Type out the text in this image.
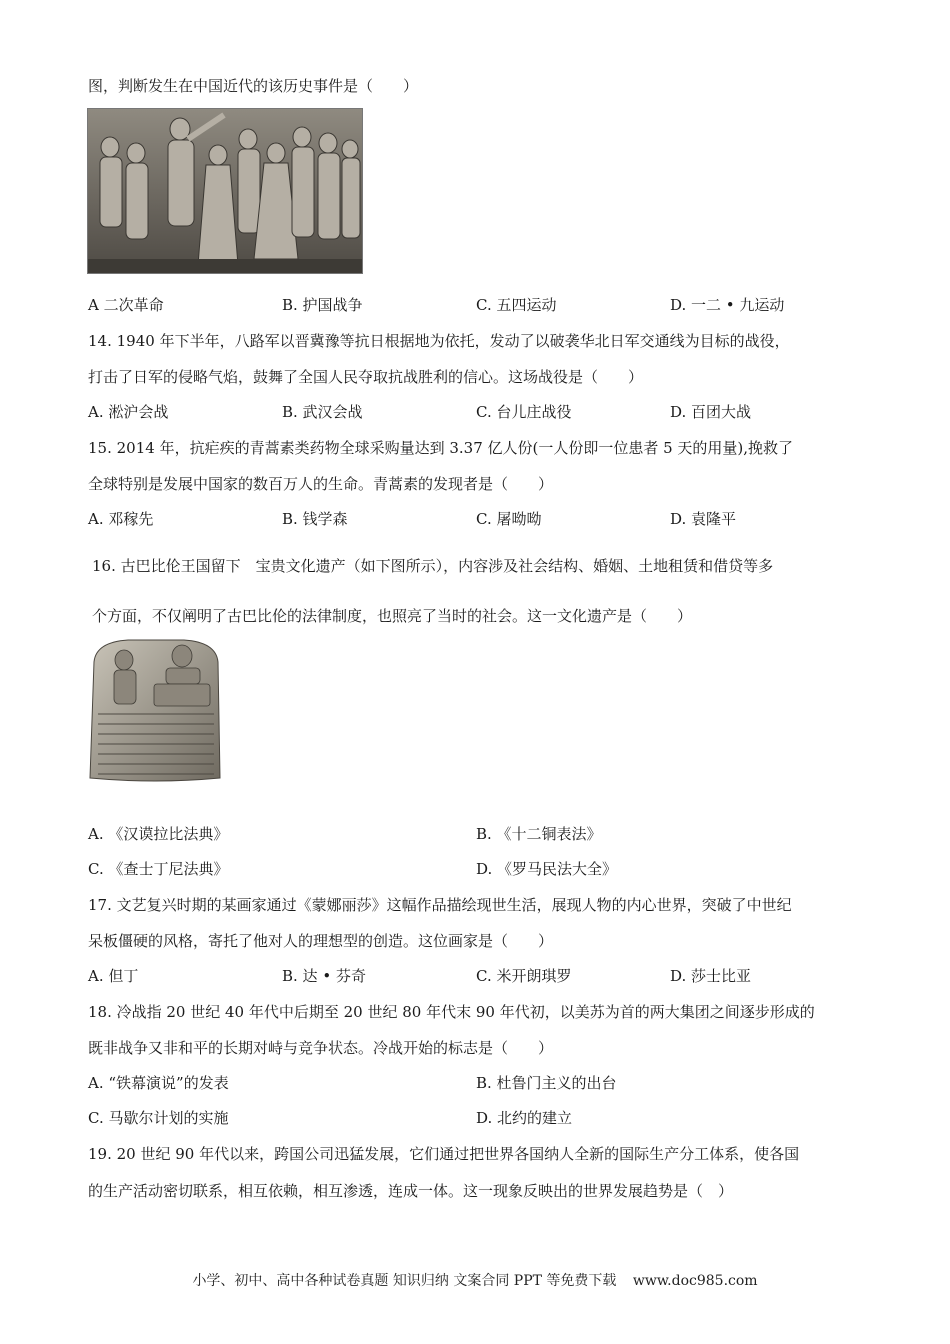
图，判断发生在中国近代的该历史事件是（　　）
A 二次革命	B. 护国战争	C. 五四运动	D. 一二 • 九运动
14. 1940 年下半年，八路军以晋冀豫等抗日根据地为依托，发动了以破袭华北日军交通线为目标的战役，
打击了日军的侵略气焰，鼓舞了全国人民夺取抗战胜利的信心。这场战役是（　　）
A. 淞沪会战	B. 武汉会战	C. 台儿庄战役	D. 百团大战
15. 2014 年，抗疟疾的青蒿素类药物全球采购量达到 3.37 亿人份(一人份即一位患者 5 天的用量),挽救了
全球特别是发展中国家的数百万人的生命。青蒿素的发现者是（　　）
A. 邓稼先	B. 钱学森	C. 屠呦呦	D. 袁隆平
16. 古巴比伦王国留下　宝贵文化遗产（如下图所示），内容涉及社会结构、婚姻、土地租赁和借贷等多
个方面，不仅阐明了古巴比伦的法律制度，也照亮了当时的社会。这一文化遗产是（　　）
A. 《汉谟拉比法典》	B. 《十二铜表法》
C. 《查士丁尼法典》	D. 《罗马民法大全》
17. 文艺复兴时期的某画家通过《蒙娜丽莎》这幅作品描绘现世生活，展现人物的内心世界，突破了中世纪
呆板僵硬的风格，寄托了他对人的理想型的创造。这位画家是（　　）
A. 但丁	B. 达 • 芬奇	C. 米开朗琪罗	D. 莎士比亚
18. 冷战指 20 世纪 40 年代中后期至 20 世纪 80 年代末 90 年代初，以美苏为首的两大集团之间逐步形成的
既非战争又非和平的长期对峙与竞争状态。冷战开始的标志是（　　）
A. “铁幕演说”的发表	B. 杜鲁门主义的出台
C. 马歇尔计划的实施	D. 北约的建立
19. 20 世纪 90 年代以来，跨国公司迅猛发展，它们通过把世界各国纳人全新的国际生产分工体系，使各国
的生产活动密切联系，相互依赖，相互渗透，连成一体。这一现象反映出的世界发展趋势是（　）
小学、初中、高中各种试卷真题 知识归纳 文案合同 PPT 等免费下载 www.doc985.com
